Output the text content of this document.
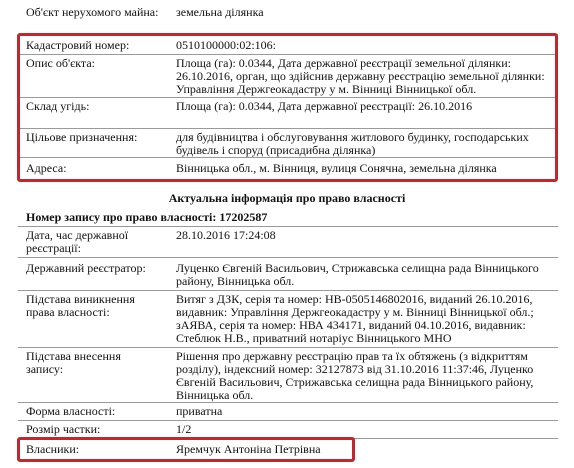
Об'єкт нерухомого майна:	земельна ділянка
Кадастровий номер:	0510100000:02:106:
Опис об'єкта:	Площа (га): 0.0344, Дата державної реєстрації земельної ділянки: 26.10.2016, орган, що здійснив державну реєстрацію земельної ділянки: Управління Держгеокадастру у м. Вінниці Вінницької обл.
Склад угідь:	Площа (га): 0.0344, Дата державної реєстрації: 26.10.2016
Цільове призначення:	для будівництва і обслуговування житлового будинку, господарських будівель і споруд (присадибна ділянка)
Адреса:	Вінницька обл., м. Вінниця, вулиця Сонячна, земельна ділянка
Актуальна інформація про право власності
Номер запису про право власності: 17202587
Дата, час державної реєстрації:
28.10.2016 17:24:08
Державний реєстратор:	Луценко Євгеній Васильович, Стрижавська селищна рада Вінницького району, Вінницька обл.
Підстава виникнення права власності:
Витяг з ДЗК, серія та номер: НВ-0505146802016, виданий 26.10.2016, видавник: Управління Держгеокадастру у м. Вінниці Вінницької обл.; зАЯВА, серія та номер: НВА 434171, виданий 04.10.2016, видавник: Стеблюк Н.В., приватний нотаріус Вінницького МНО
Підстава внесення запису:
Рішення про державну реєстрацію прав та їх обтяжень (з відкриттям розділу), індексний номер: 32127873 від 31.10.2016 11:37:46, Луценко Євгеній Васильович, Стрижавська селищна рада Вінницького району, Вінницька обл.
Форма власності:	приватна
Розмір частки:	1/2
Власники:	Яремчук Антоніна Петрівна
